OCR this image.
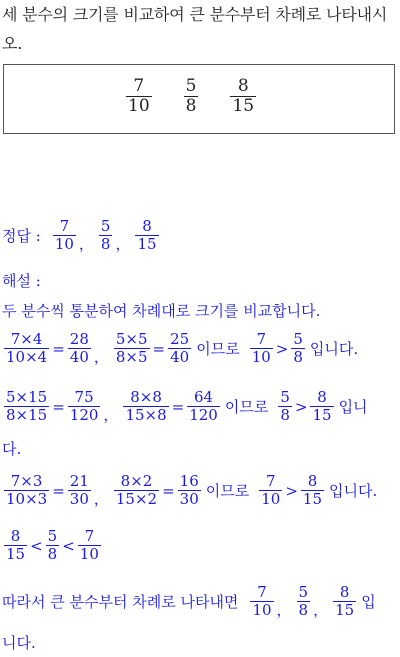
세 분수의 크기를 비교하여 큰 분수부터 차례로 나타내시오.
$\frac{7}{10} \frac{5}{8} \frac{8}{15}$
정답 : $\frac{7}{10}$ ， $\frac{5}{8}$ ， $\frac{8}{15}$
해설 :
두 분수씩 통분하여 차례대로 크기를 비교합니다.
$\frac{7\times 4}{10\times 4} = \frac{28}{40}$ ， $\frac{5\times 5}{8\times 5} = \frac{25}{40}$ 이므로 $\frac{7}{10} > \frac{5}{8}$ 입니다.
$\frac{5\times 15}{8\times 15} = \frac{75}{120}$ ， $\frac{8\times 8}{15\times 8} = \frac{64}{120}$ 이므로 $\frac{5}{8} > \frac{8}{15}$ 입니
다.
$\frac{7\times 3}{10\times 3} = \frac{21}{30}$ ， $\frac{8\times 2}{15\times 2} = \frac{16}{30}$ 이므로 $\frac{7}{10} > \frac{8}{15}$ 입니다.
$\frac{8}{15} < \frac{5}{8} < \frac{7}{10}$
따라서 큰 분수부터 차례로 나타내면 $\frac{7}{10}$ ， $\frac{5}{8}$ ， $\frac{8}{15}$ 입
니다.
